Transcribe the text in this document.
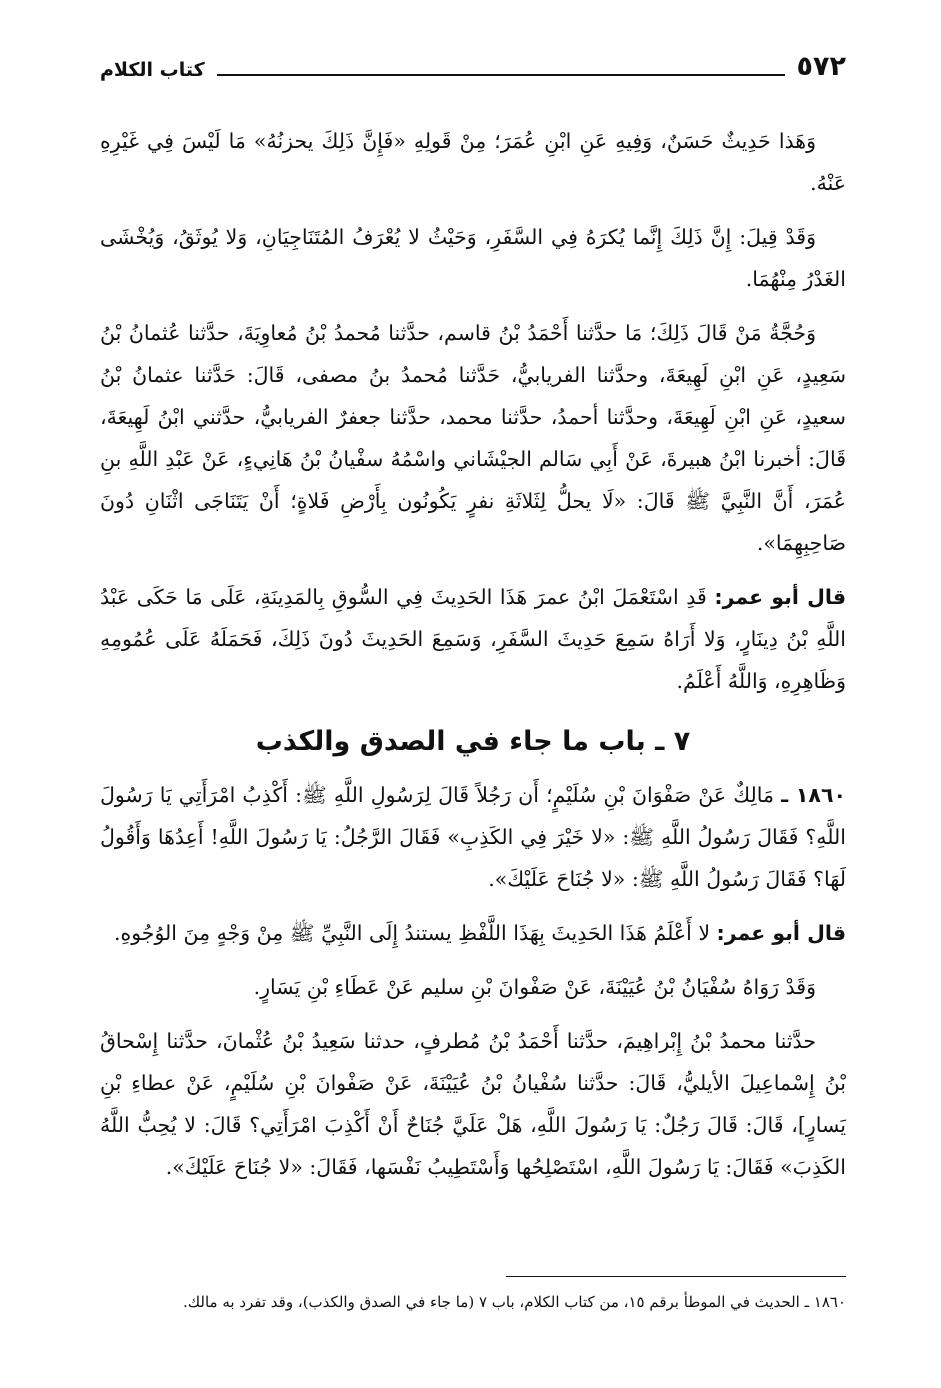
٥٧٢
كتاب الكلام

وَهَذا حَدِيثٌ حَسَنٌ، وَفِيهِ عَنِ ابْنِ عُمَرَ؛ مِنْ قَولِهِ «فَإِنَّ ذَلِكَ يحزنُهُ» مَا لَيْسَ فِي غَيْرِهِ عَنْهُ.

وَقَدْ قِيلَ: إِنَّ ذَلِكَ إِنَّما يُكرَهُ فِي السَّفَرِ، وَحَيْثُ لا يُعْرَفُ المُتَنَاجِيَانِ، وَلا يُوثَقُ، وَيُخْشَى الغَدْرُ مِنْهُمَا.

وَحُجَّةُ مَنْ قَالَ ذَلِكَ؛ مَا حدَّثنا أَحْمَدُ بْنُ قاسم، حدَّثنا مُحمدُ بْنُ مُعاوِيَةَ، حدَّثنا عُثمانُ بْنُ سَعِيدٍ، عَنِ ابْنِ لَهِيعَةَ، وحدَّثنا الفريابيُّ، حَدَّثنا مُحمدُ بنُ مصفى، قَالَ: حَدَّثنا عثمانُ بْنُ سعيدٍ، عَنِ ابْنِ لَهِيعَةَ، وحدَّثنا أحمدُ، حدَّثنا محمد، حدَّثنا جعفرٌ الفريابيُّ، حدَّثني ابْنُ لَهِيعَةَ، قَالَ: أخبرنا ابْنُ هبيرةَ، عَنْ أَبِي سَالم الجيْشَاني واسْمُهُ سفْيانُ بْنُ هَانِيءٍ، عَنْ عَبْدِ اللَّهِ بنِ عُمَرَ، أَنَّ النَّبِيَّ ﷺ قَالَ: «لَا يحلُّ لِثَلاثَةِ نفرٍ يَكُونُون بِأَرْضِ فَلاةٍ؛ أَنْ يَتَنَاجَى اثْنَانِ دُونَ صَاحِبِهِمَا».

قال أبو عمر: قَدِ اسْتَعْمَلَ ابْنُ عمرَ هَذَا الحَدِيثَ فِي السُّوقِ بِالمَدِينَةِ، عَلَى مَا حَكَى عَبْدُ اللَّهِ بْنُ دِينَارٍ، وَلا أَرَاهُ سَمِعَ حَدِيثَ السَّفَرِ، وَسَمِعَ الحَدِيثَ دُونَ ذَلِكَ، فَحَمَلَهُ عَلَى عُمُومِهِ وَظَاهِرِهِ، وَاللَّهُ أَعْلَمُ.

٧ ـ باب ما جاء في الصدق والكذب

١٨٦٠ ـ مَالِكٌ عَنْ صَفْوَانَ بْنِ سُلَيْمٍ؛ أَن رَجُلاً قَالَ لِرَسُولِ اللَّهِ ﷺ: أَكْذِبُ امْرَأَتِي يَا رَسُولَ اللَّهِ؟ فَقَالَ رَسُولُ اللَّهِ ﷺ: «لا خَيْرَ فِي الكَذِبِ» فَقَالَ الرَّجُلُ: يَا رَسُولَ اللَّهِ! أَعِدُهَا وَأَقُولُ لَهَا؟ فَقَالَ رَسُولُ اللَّهِ ﷺ: «لا جُنَاحَ عَلَيْكَ».

قال أبو عمر: لا أَعْلَمُ هَذَا الحَدِيثَ بِهَذَا اللَّفْظِ يستندُ إِلَى النَّبِيِّ ﷺ مِنْ وَجْهٍ مِنَ الوُجُوهِ.

وَقَدْ رَوَاهُ سُفْيَانُ بْنُ عُيَيْنَةَ، عَنْ صَفْوانَ بْنِ سليم عَنْ عَطَاءِ بْنِ يَسَارٍ.

حدَّثنا محمدُ بْنُ إِبْراهِيمَ، حدَّثنا أَحْمَدُ بْنُ مُطرفٍ، حدثنا سَعِيدُ بْنُ عُثْمانَ، حدَّثنا إِسْحاقُ بْنُ إِسْماعِيلَ الأيليُّ، قَالَ: حدَّثنا سُفْيانُ بْنُ عُيَيْنَةَ، عَنْ صَفْوانَ بْنِ سُلَيْمٍ، عَنْ عطاءِ بْنِ يَسارٍ]، قَالَ: قَالَ رَجُلٌ: يَا رَسُولَ اللَّهِ، هَلْ عَلَيَّ جُنَاحٌ أَنْ أَكْذِبَ امْرَأَتِي؟ قَالَ: لا يُحِبُّ اللَّهُ الكَذِبَ» فَقَالَ: يَا رَسُولَ اللَّهِ، اسْتَصْلِحُها وَأَسْتَطِيبُ نَفْسَها، فَقَالَ: «لا جُنَاحَ عَلَيْكَ».

١٨٦٠ ـ الحديث في الموطأ برقم ١٥، من كتاب الكلام، باب ٧ (ما جاء في الصدق والكذب)، وقد تفرد به مالك.
